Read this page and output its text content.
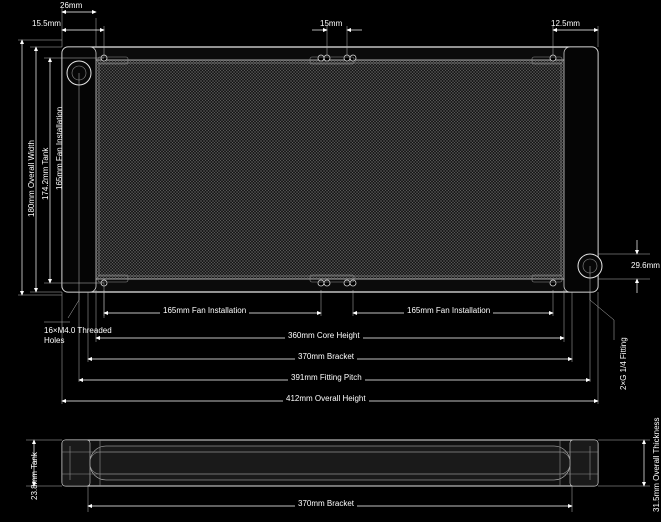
26mm
15.5mm	15mm	12.5mm
165mm Fan Installation
174.2mm Tank
180mm Overall Width
29.6mm
31.5mm Overall Thickness
165mm Fan Installation	165mm Fan Installation
360mm Core Height
370mm Bracket
391mm Fitting Pitch
412mm Overall Height
23.8mm Tank
370mm Bracket
16×M4.0 Threaded
Holes	2×G 1/4 Fitting
